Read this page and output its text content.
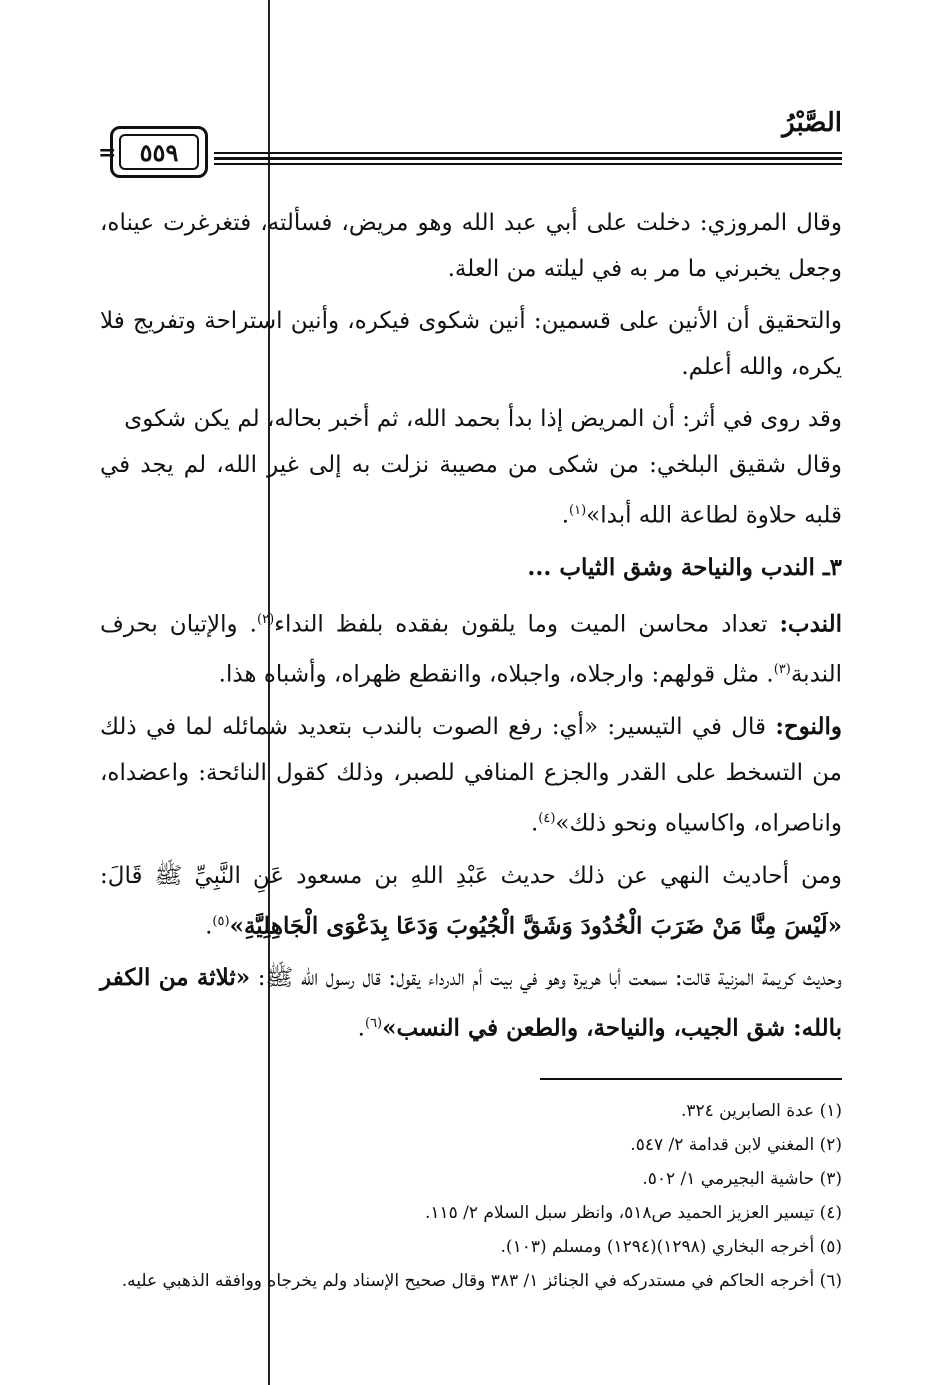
الصَّبْرُ
= ٥٥٩

وقال المروزي: دخلت على أبي عبد الله وهو مريض، فسألته، فتغرغرت عيناه، وجعل يخبرني ما مر به في ليلته من العلة.

والتحقيق أن الأنين على قسمين: أنين شكوى فيكره، وأنين استراحة وتفريج فلا يكره، والله أعلم.

وقد روى في أثر: أن المريض إذا بدأ بحمد الله، ثم أخبر بحاله، لم يكن شكوى

وقال شقيق البلخي: من شكى من مصيبة نزلت به إلى غير الله، لم يجد في قلبه حلاوة لطاعة الله أبدا»$^{(١)}$.

٣ـ الندب والنياحة وشق الثياب ...

الندب: تعداد محاسن الميت وما يلقون بفقده بلفظ النداء$^{(٢)}$. والإتيان بحرف الندبة$^{(٣)}$. مثل قولهم: وارجلاه، واجبلاه، واانقطع ظهراه، وأشباه هذا.

والنوح: قال في التيسير: «أي: رفع الصوت بالندب بتعديد شمائله لما في ذلك من التسخط على القدر والجزع المنافي للصبر، وذلك كقول النائحة: واعضداه، واناصراه، واكاسياه ونحو ذلك»$^{(٤)}$.

ومن أحاديث النهي عن ذلك حديث عَبْدِ اللهِ بن مسعود عَنِ النَّبِيِّ ﷺ قَالَ: «لَيْسَ مِنَّا مَنْ ضَرَبَ الْخُدُودَ وَشَقَّ الْجُيُوبَ وَدَعَا بِدَعْوَى الْجَاهِلِيَّةِ»$^{(٥)}$.

وحديث كريمة المزنية قالت: سمعت أبا هريرة وهو في بيت أم الدرداء يقول: قال رسول الله ﷺ: «ثلاثة من الكفر بالله: شق الجيب، والنياحة، والطعن في النسب»$^{(٦)}$.

(١) عدة الصابرين ٣٢٤.
(٢) المغني لابن قدامة ٢/ ٥٤٧.
(٣) حاشية البجيرمي ١/ ٥٠٢.
(٤) تيسير العزيز الحميد ص٥١٨، وانظر سبل السلام ٢/ ١١٥.
(٥) أخرجه البخاري (١٢٩٨)(١٢٩٤) ومسلم (١٠٣).
(٦) أخرجه الحاكم في مستدركه في الجنائز ١/ ٣٨٣ وقال صحيح الإسناد ولم يخرجاه ووافقه الذهبي عليه.
